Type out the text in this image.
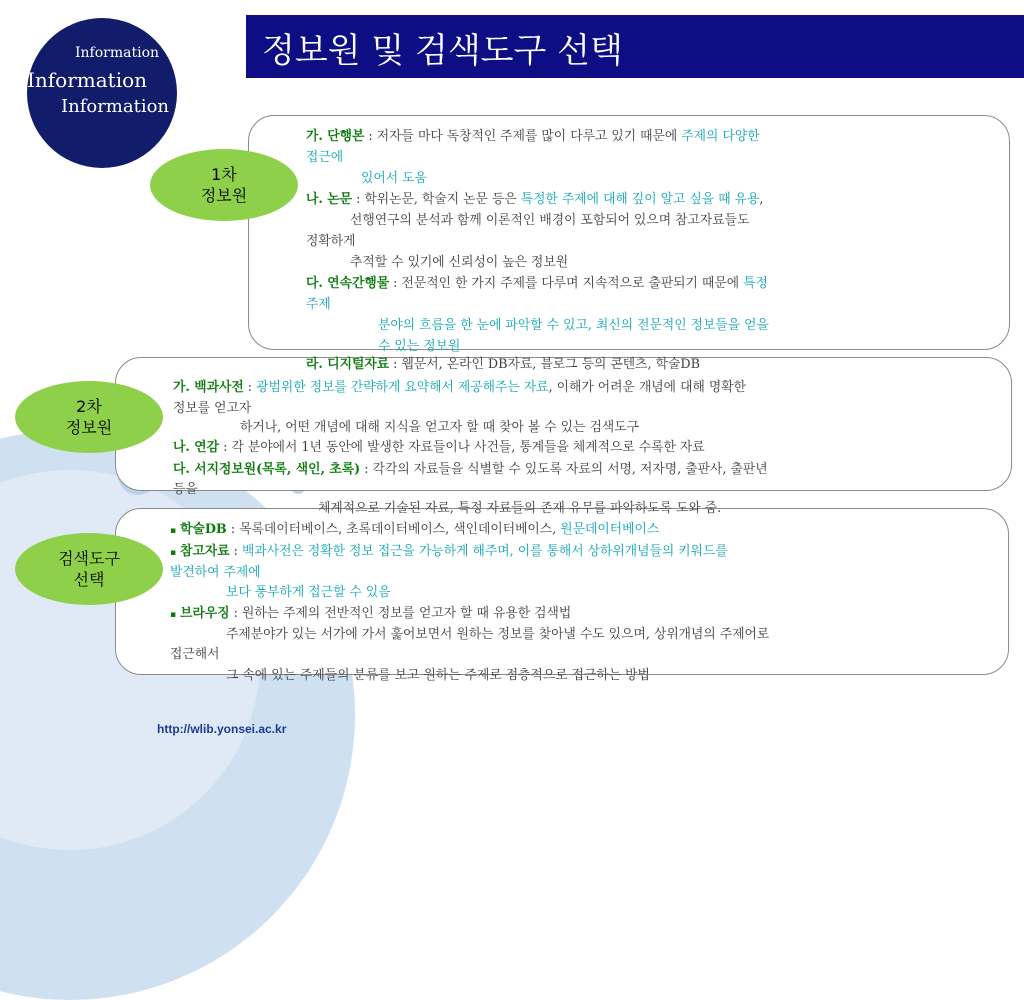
Information
Information
Information
정보원 및 검색도구 선택
가. 단행본 : 저자들 마다 독창적인 주제를 많이 다루고 있기 때문에 주제의 다양한
접근에
있어서 도움
나. 논문 : 학위논문, 학술지 논문 등은 특정한 주제에 대해 깊이 알고 싶을 때 유용,
선행연구의 분석과 함께 이론적인 배경이 포함되어 있으며 참고자료들도
정확하게
추적할 수 있기에 신뢰성이 높은 정보원
다. 연속간행물 : 전문적인 한 가지 주제를 다루며 지속적으로 출판되기 때문에 특정
주제
분야의 흐름을 한 눈에 파악할 수 있고, 최신의 전문적인 정보들을 얻을
수 있는 정보원
라. 디지털자료 : 웹문서, 온라인 DB자료, 블로그 등의 콘텐츠, 학술DB
가. 백과사전 : 광범위한 정보를 간략하게 요약해서 제공해주는 자료, 이해가 어려운 개념에 대해 명확한
정보를 얻고자
하거나, 어떤 개념에 대해 지식을 얻고자 할 때 찾아 볼 수 있는 검색도구
나. 연감 : 각 분야에서 1년 동안에 발생한 자료들이나 사건들, 통계들을 체계적으로 수록한 자료
다. 서지정보원(목록, 색인, 초록) : 각각의 자료들을 식별할 수 있도록 자료의 서명, 저자명, 출판사, 출판년
등을
체계적으로 기술된 자료, 특정 자료들의 존재 유무를 파악하도록 도와 줌.
▪ 학술DB : 목록데이터베이스, 초록데이터베이스, 색인데이터베이스, 원문데이터베이스
▪ 참고자료 : 백과사전은 정확한 정보 접근을 가능하게 해주며, 이를 통해서 상하위개념들의 키워드를
발견하여 주제에
보다 풍부하게 접근할 수 있음
▪ 브라우징 : 원하는 주제의 전반적인 정보를 얻고자 할 때 유용한 검색법
주제분야가 있는 서가에 가서 훑어보면서 원하는 정보를 찾아낼 수도 있으며, 상위개념의 주제어로
접근해서
그 속에 있는 주제들의 분류를 보고 원하는 주제로 점층적으로 접근하는 방법
1차
정보원
2차
정보원
검색도구
선택
http://wlib.yonsei.ac.kr
